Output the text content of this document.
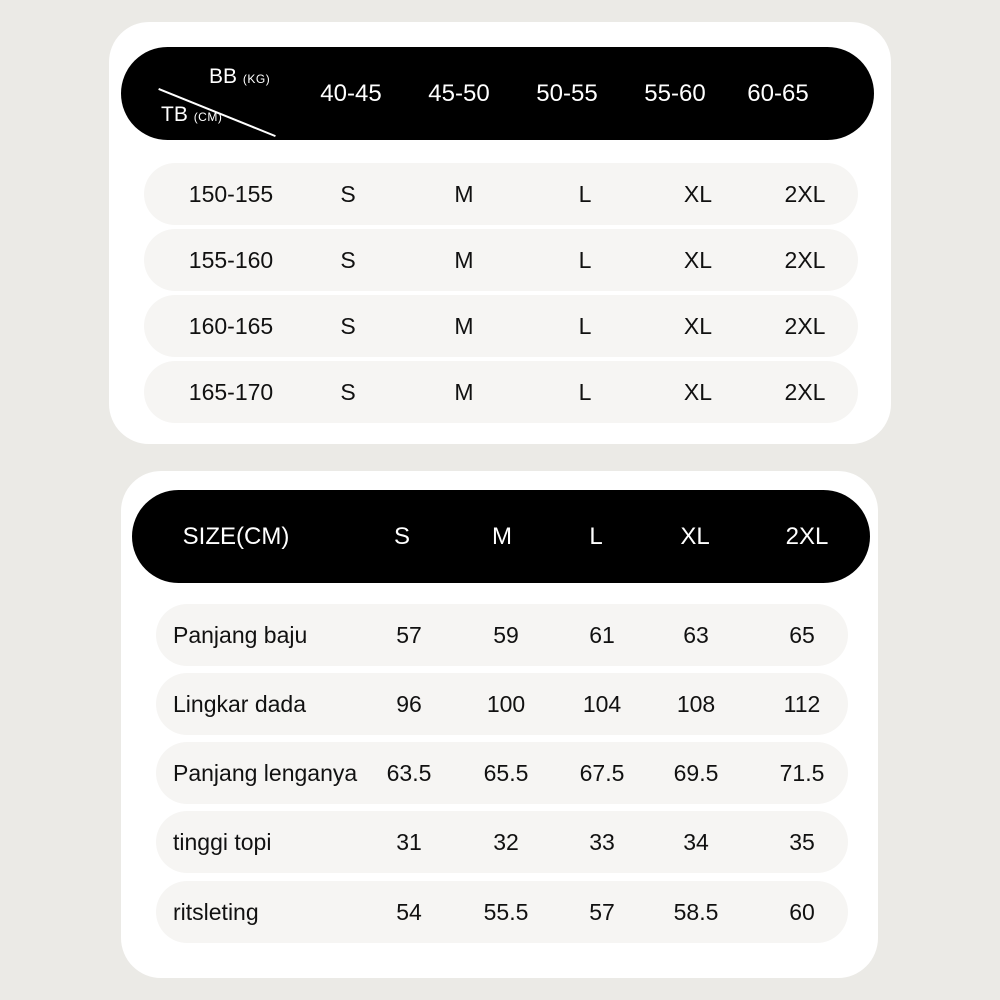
BB (KG)
TB (CM)
40-45 45-50 50-55 55-60 60-65
150-155	S	M	L	XL	2XL
155-160	S	M	L	XL	2XL
160-165	S	M	L	XL	2XL
165-170	S	M	L	XL	2XL
SIZE(CM)	S	M	L	XL	2XL
Panjang baju	57	59	61	63	65
Lingkar dada	96	100	104 108	112
Panjang lenganya 63.5 65.5 67.5 69.5	71.5
tinggi topi	31	32	33	34	35
ritsleting	54	55.5	57	58.5	60
